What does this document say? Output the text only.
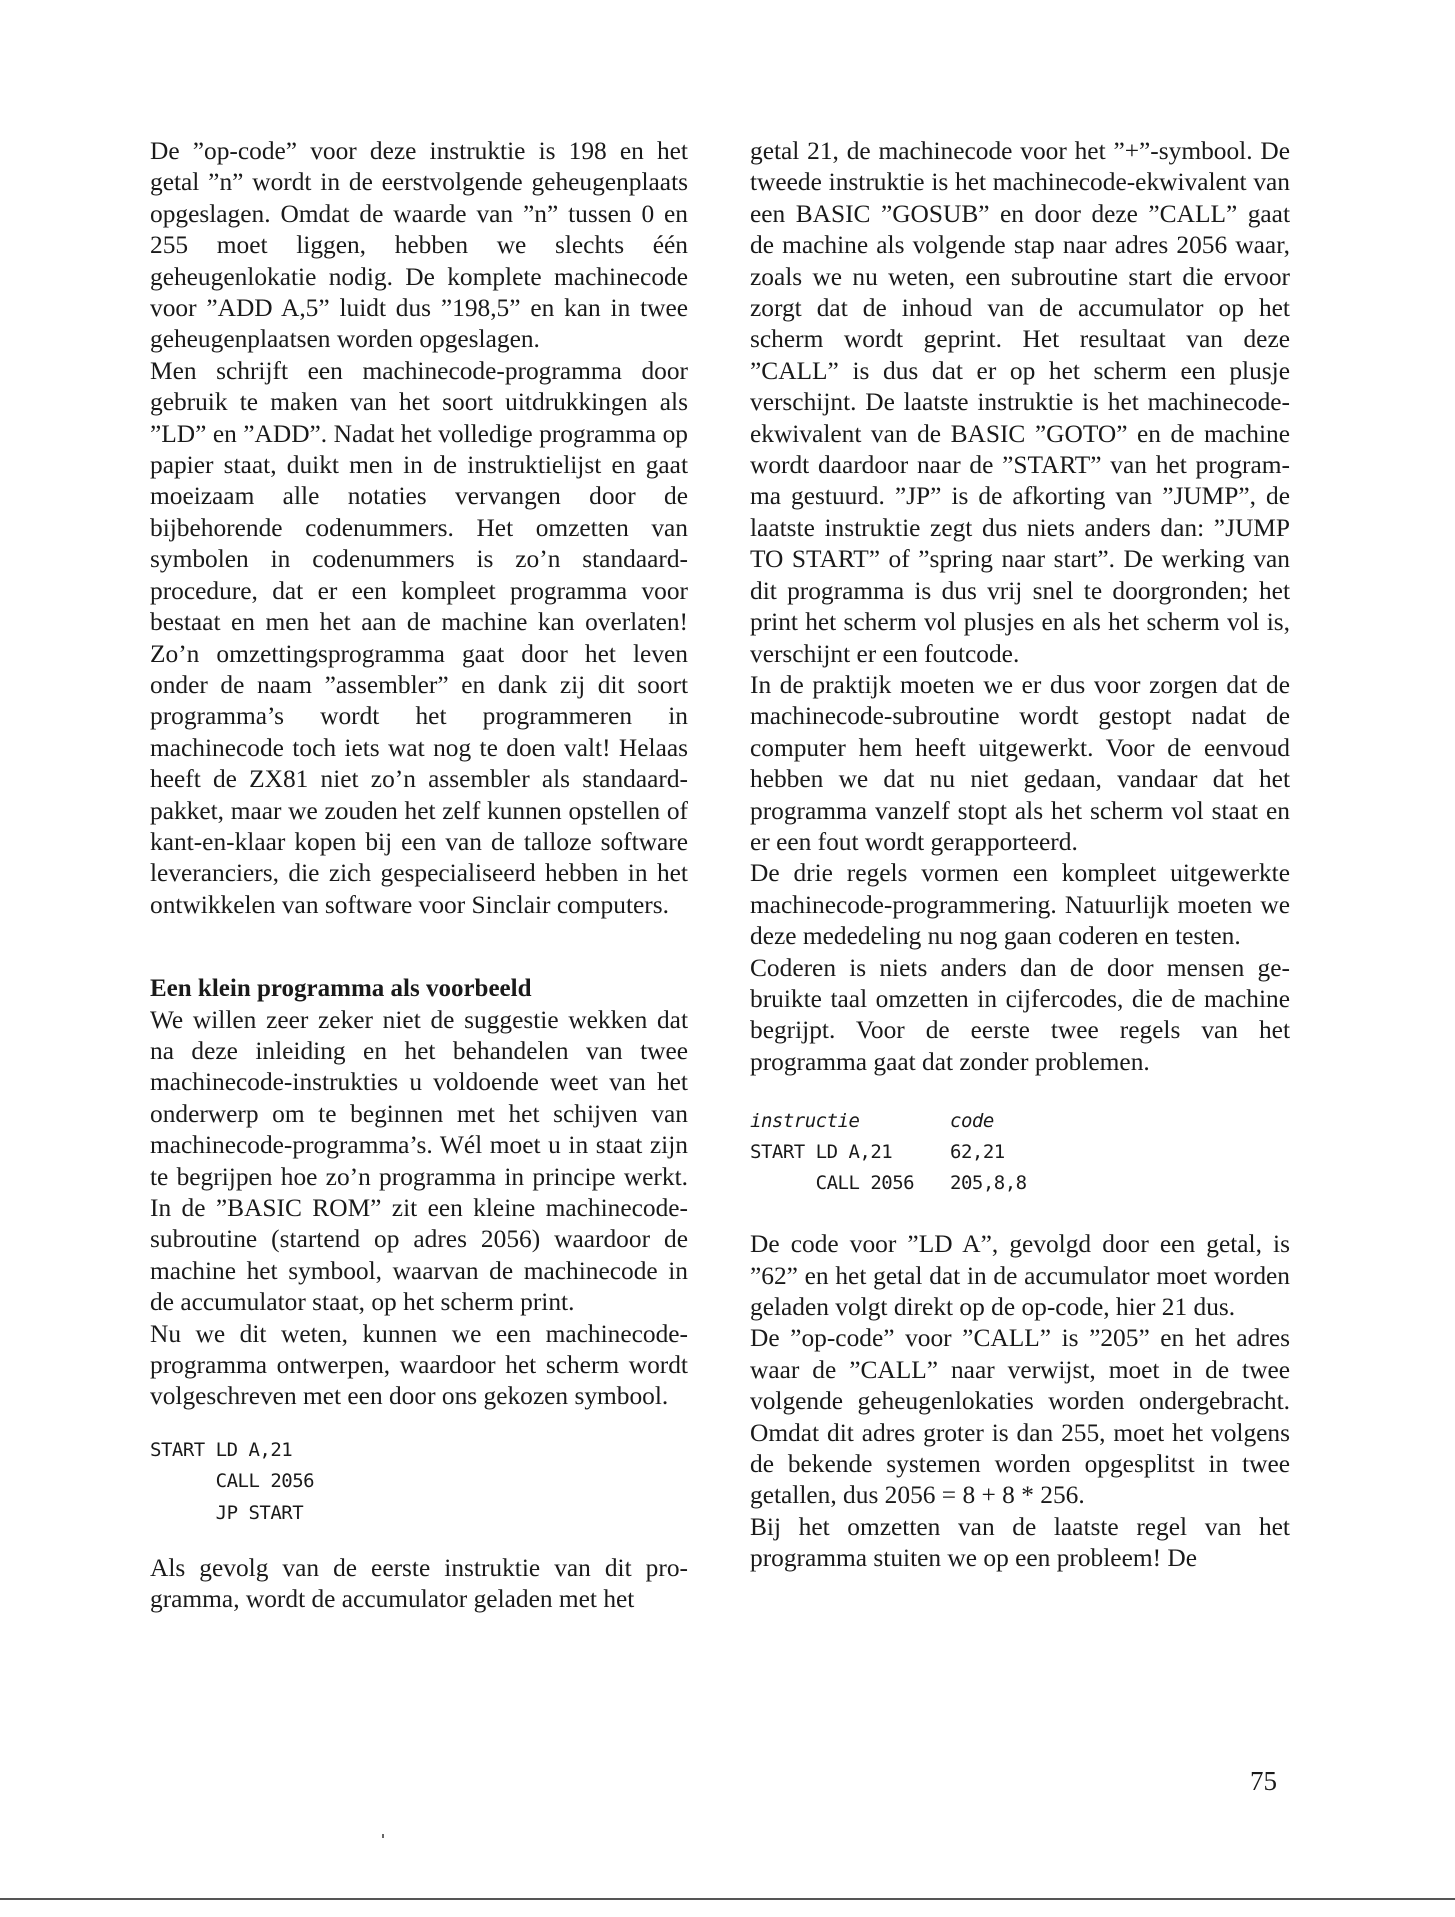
De ”op-code” voor deze instruktie is 198 en het getal ”n” wordt in de eerstvolgende geheugenplaats opgeslagen. Omdat de waarde van ”n” tussen 0 en 255 moet liggen, hebben we slechts één geheugenlokatie nodig. De komplete machinecode voor ”ADD A,5” luidt dus ”198,5” en kan in twee geheugenplaatsen worden opgeslagen.

Men schrijft een machinecode-programma door gebruik te maken van het soort uitdrukkingen als ”LD” en ”ADD”. Nadat het volledige programma op papier staat, duikt men in de instruktielijst en gaat moeizaam alle notaties vervangen door de bijbehorende codenummers. Het omzetten van symbolen in codenummers is zo’n standaard-procedure, dat er een kompleet programma voor bestaat en men het aan de machine kan overlaten! Zo’n omzettingsprogramma gaat door het leven onder de naam ”assembler” en dank zij dit soort programma’s wordt het programmeren in machinecode toch iets wat nog te doen valt! Helaas heeft de ZX81 niet zo’n assembler als standaard-pakket, maar we zouden het zelf kunnen opstellen of kant-en-klaar kopen bij een van de talloze software leveranciers, die zich gespecialiseerd hebben in het ontwikkelen van software voor Sinclair computers.

Een klein programma als voorbeeld

We willen zeer zeker niet de suggestie wekken dat na deze inleiding en het behandelen van twee machinecode-instrukties u voldoende weet van het onderwerp om te beginnen met het schijven van machinecode-programma’s. Wél moet u in staat zijn te begrijpen hoe zo’n programma in principe werkt. In de ”BASIC ROM” zit een kleine machinecode-subroutine (startend op adres 2056) waardoor de machine het symbool, waarvan de machinecode in de accumulator staat, op het scherm print.

Nu we dit weten, kunnen we een machinecode-programma ontwerpen, waardoor het scherm wordt volgeschreven met een door ons gekozen symbool.

START LD A,21
CALL 2056
JP START

Als gevolg van de eerste instruktie van dit programma, wordt de accumulator geladen met het

getal 21, de machinecode voor het ”+”-symbool. De tweede instruktie is het machinecode-ekwivalent van een BASIC ”GOSUB” en door deze ”CALL” gaat de machine als volgende stap naar adres 2056 waar, zoals we nu weten, een subroutine start die ervoor zorgt dat de inhoud van de accumulator op het scherm wordt geprint. Het resultaat van deze ”CALL” is dus dat er op het scherm een plusje verschijnt. De laatste instruktie is het machinecode-ekwivalent van de BASIC ”GOTO” en de machine wordt daardoor naar de ”START” van het programma gestuurd. ”JP” is de afkorting van ”JUMP”, de laatste instruktie zegt dus niets anders dan: ”JUMP TO START” of ”spring naar start”. De werking van dit programma is dus vrij snel te doorgronden; het print het scherm vol plusjes en als het scherm vol is, verschijnt er een foutcode.

In de praktijk moeten we er dus voor zorgen dat de machinecode-subroutine wordt gestopt nadat de computer hem heeft uitgewerkt. Voor de eenvoud hebben we dat nu niet gedaan, vandaar dat het programma vanzelf stopt als het scherm vol staat en er een fout wordt gerapporteerd.

De drie regels vormen een kompleet uitgewerkte machinecode-programmering. Natuurlijk moeten we deze mededeling nu nog gaan coderen en testen.

Coderen is niets anders dan de door mensen gebruikte taal omzetten in cijfercodes, die de machine begrijpt. Voor de eerste twee regels van het programma gaat dat zonder problemen.

instructie	code
START LD A,21	62,21
CALL 2056	205,8,8

De code voor ”LD A”, gevolgd door een getal, is ”62” en het getal dat in de accumulator moet worden geladen volgt direkt op de op-code, hier 21 dus.

De ”op-code” voor ”CALL” is ”205” en het adres waar de ”CALL” naar verwijst, moet in de twee volgende geheugenlokaties worden ondergebracht. Omdat dit adres groter is dan 255, moet het volgens de bekende systemen worden opgesplitst in twee getallen, dus 2056 = 8 + 8 * 256.

Bij het omzetten van de laatste regel van het programma stuiten we op een probleem! De

75
